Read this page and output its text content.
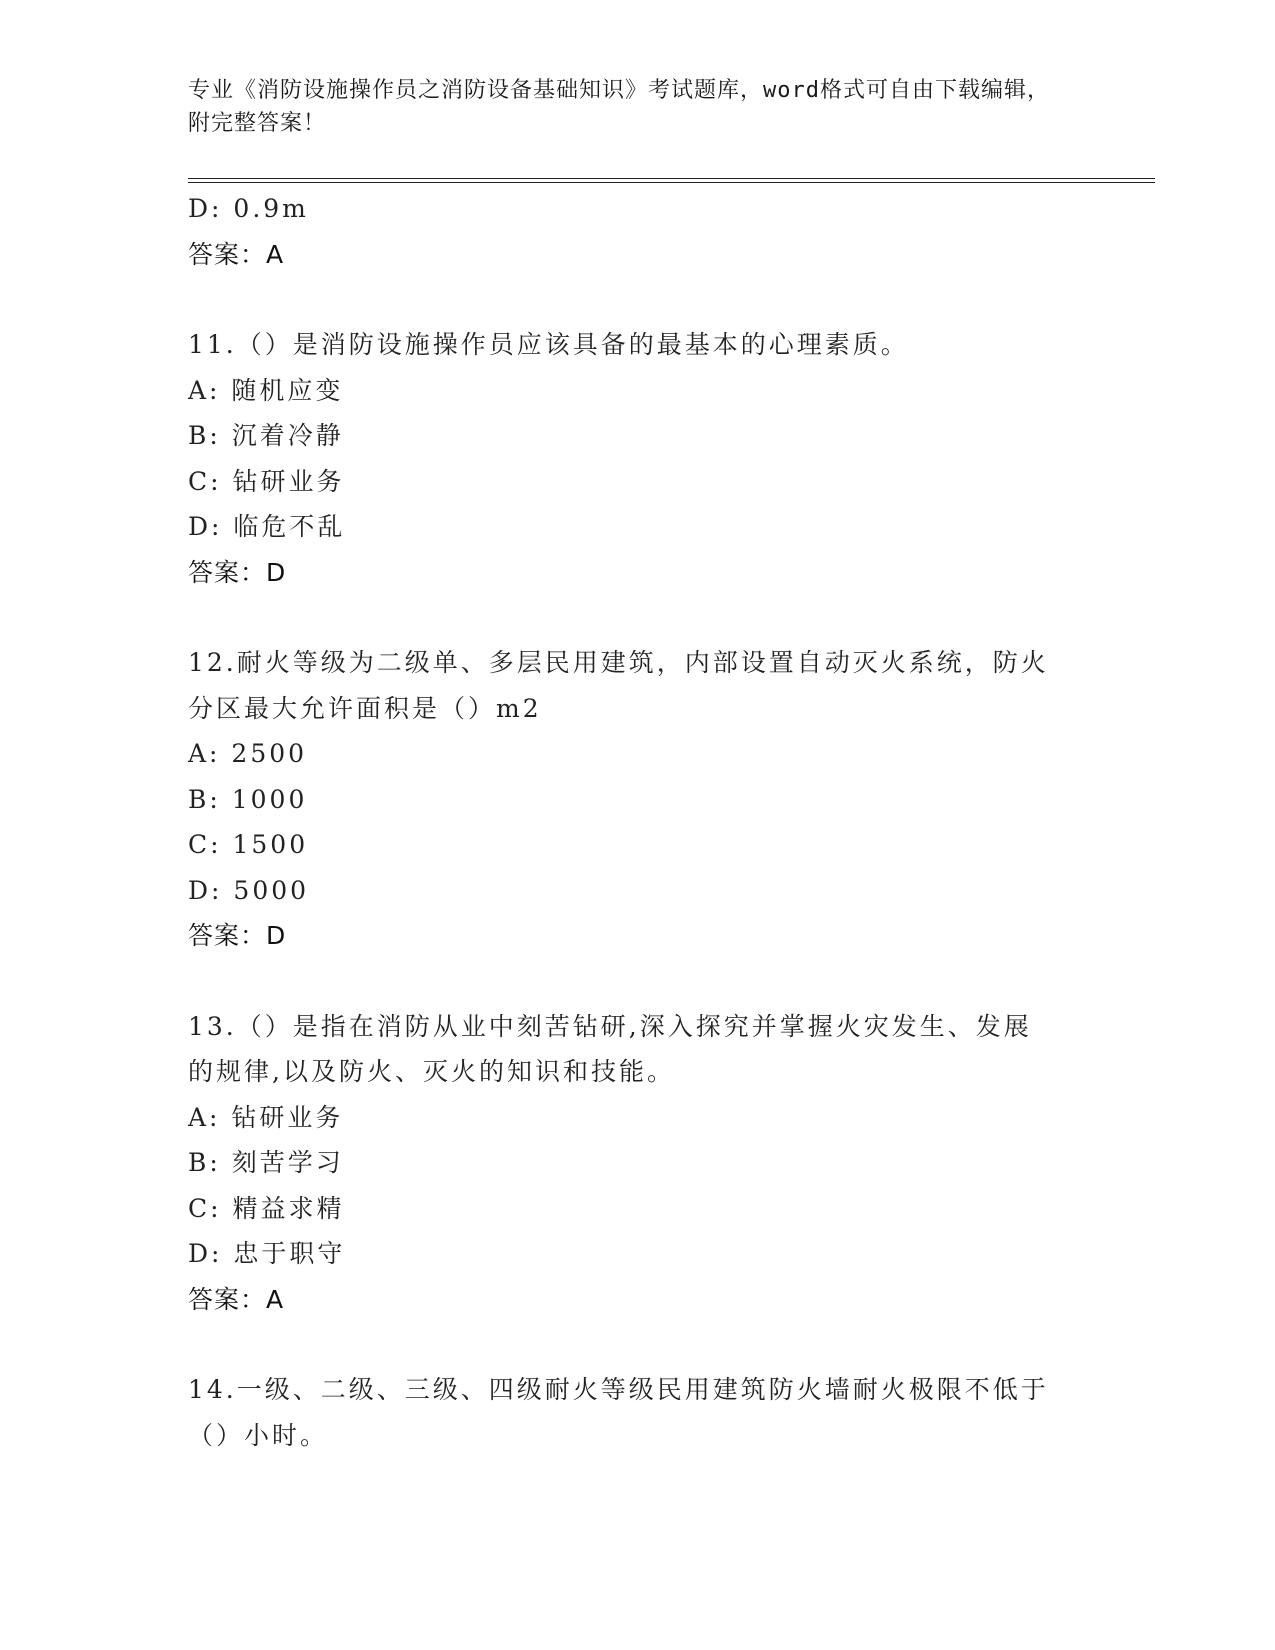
专业《消防设施操作员之消防设备基础知识》考试题库，word格式可自由下载编辑，附完整答案！
D: 0.9m
答案：A
11.（）是消防设施操作员应该具备的最基本的心理素质。
A: 随机应变
B: 沉着冷静
C: 钻研业务
D: 临危不乱
答案：D
12.耐火等级为二级单、多层民用建筑，内部设置自动灭火系统，防火
分区最大允许面积是（）m2
A: 2500
B: 1000
C: 1500
D: 5000
答案：D
13.（）是指在消防从业中刻苦钻研,深入探究并掌握火灾发生、发展
的规律,以及防火、灭火的知识和技能。
A: 钻研业务
B: 刻苦学习
C: 精益求精
D: 忠于职守
答案：A
14.一级、二级、三级、四级耐火等级民用建筑防火墙耐火极限不低于
（）小时。
